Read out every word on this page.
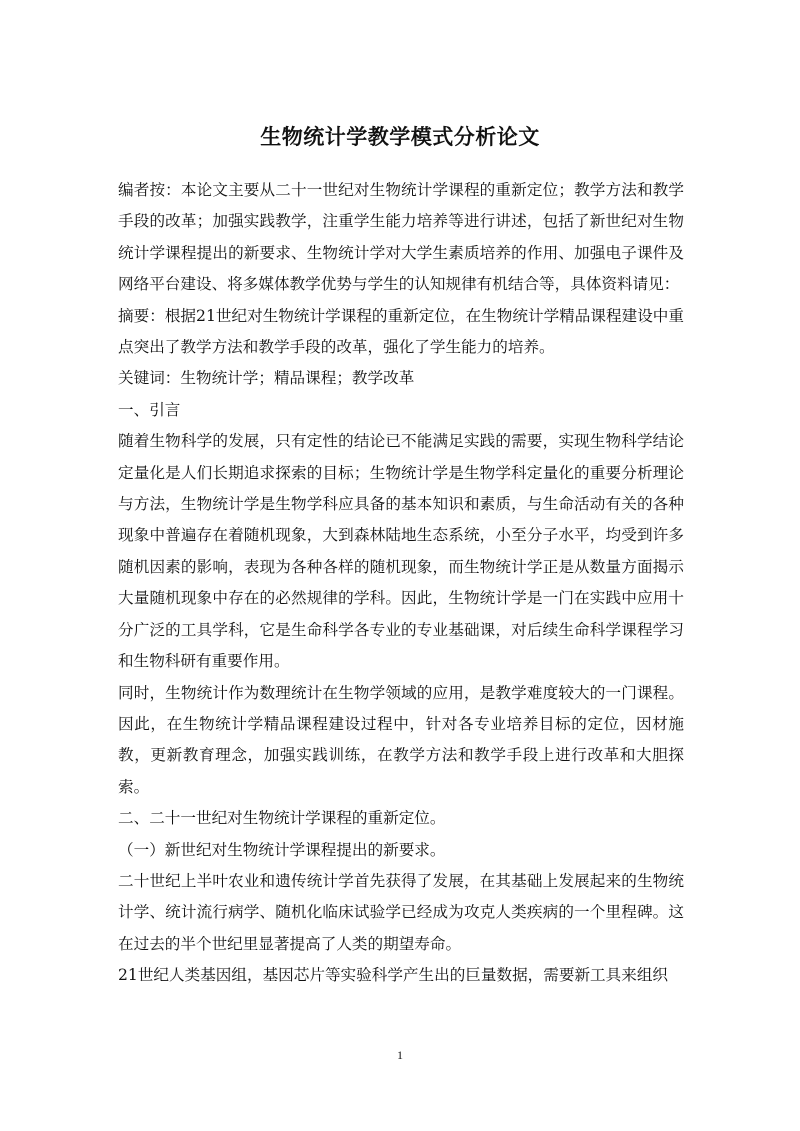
生物统计学教学模式分析论文

编者按：本论文主要从二十一世纪对生物统计学课程的重新定位；教学方法和教学手段的改革；加强实践教学，注重学生能力培养等进行讲述，包括了新世纪对生物统计学课程提出的新要求、生物统计学对大学生素质培养的作用、加强电子课件及网络平台建设、将多媒体教学优势与学生的认知规律有机结合等，具体资料请见：

摘要：根据21世纪对生物统计学课程的重新定位，在生物统计学精品课程建设中重点突出了教学方法和教学手段的改革，强化了学生能力的培养。

关键词：生物统计学；精品课程；教学改革

一、引言

随着生物科学的发展，只有定性的结论已不能满足实践的需要，实现生物科学结论定量化是人们长期追求探索的目标；生物统计学是生物学科定量化的重要分析理论与方法，生物统计学是生物学科应具备的基本知识和素质，与生命活动有关的各种现象中普遍存在着随机现象，大到森林陆地生态系统，小至分子水平，均受到许多随机因素的影响，表现为各种各样的随机现象，而生物统计学正是从数量方面揭示大量随机现象中存在的必然规律的学科。因此，生物统计学是一门在实践中应用十分广泛的工具学科，它是生命科学各专业的专业基础课，对后续生命科学课程学习和生物科研有重要作用。

同时，生物统计作为数理统计在生物学领域的应用，是教学难度较大的一门课程。因此，在生物统计学精品课程建设过程中，针对各专业培养目标的定位，因材施教，更新教育理念，加强实践训练，在教学方法和教学手段上进行改革和大胆探索。

二、二十一世纪对生物统计学课程的重新定位。

（一）新世纪对生物统计学课程提出的新要求。

二十世纪上半叶农业和遗传统计学首先获得了发展，在其基础上发展起来的生物统计学、统计流行病学、随机化临床试验学已经成为攻克人类疾病的一个里程碑。这在过去的半个世纪里显著提高了人类的期望寿命。

21世纪人类基因组，基因芯片等实验科学产生出的巨量数据，需要新工具来组织

1
